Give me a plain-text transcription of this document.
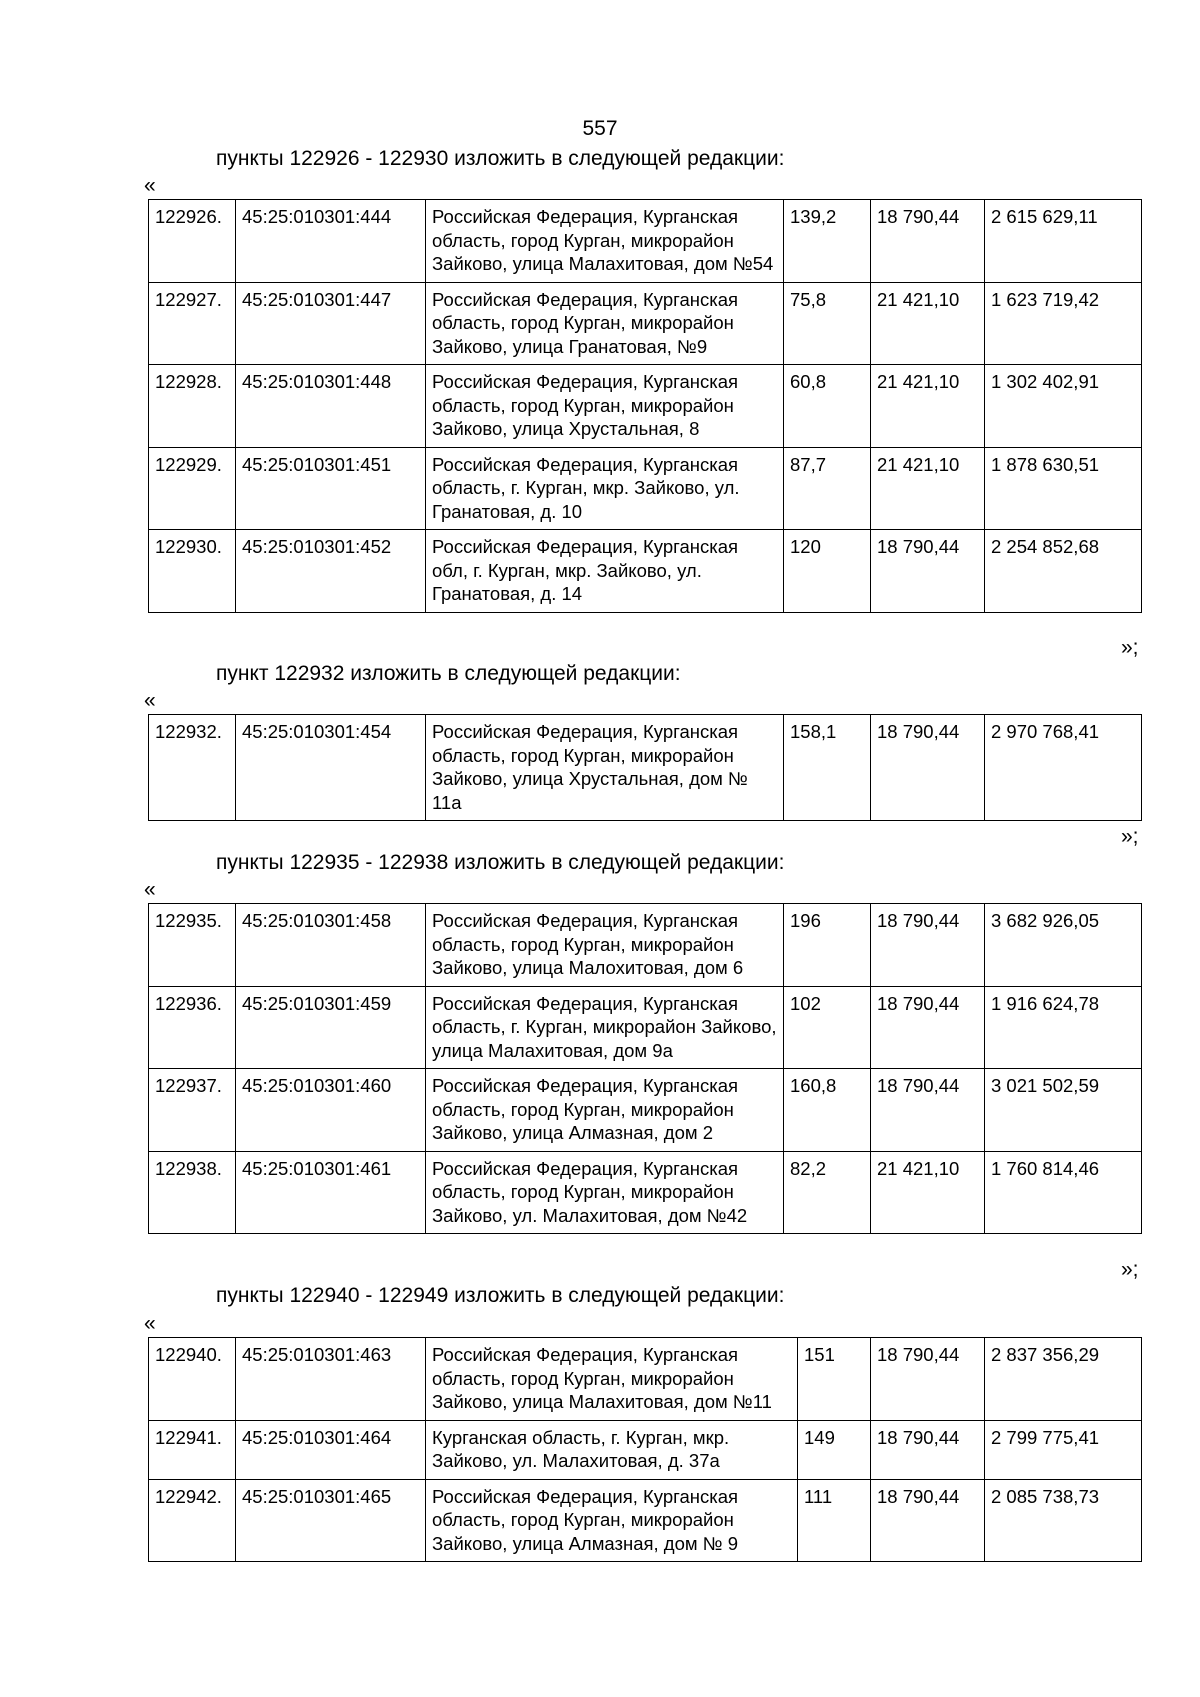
557
пункты 122926 - 122930 изложить в следующей редакции:
«
122926.	45:25:010301:444	Российская Федерация, Курганская область, город Курган, микрорайон Зайково, улица Малахитовая, дом №54	139,2	18 790,44	2 615 629,11
122927.	45:25:010301:447	Российская Федерация, Курганская область, город Курган, микрорайон Зайково, улица Гранатовая, №9	75,8	21 421,10	1 623 719,42
122928.	45:25:010301:448	Российская Федерация, Курганская область, город Курган, микрорайон Зайково, улица Хрустальная, 8	60,8	21 421,10	1 302 402,91
122929.	45:25:010301:451	Российская Федерация, Курганская область, г. Курган, мкр. Зайково, ул. Гранатовая, д. 10	87,7	21 421,10	1 878 630,51
122930.	45:25:010301:452	Российская Федерация, Курганская обл, г. Курган, мкр. Зайково, ул. Гранатовая, д. 14	120	18 790,44	2 254 852,68
»;
пункт 122932 изложить в следующей редакции:
«
122932.	45:25:010301:454	Российская Федерация, Курганская область, город Курган, микрорайон Зайково, улица Хрустальная, дом № 11а	158,1	18 790,44	2 970 768,41
»;
пункты 122935 - 122938 изложить в следующей редакции:
«
122935.	45:25:010301:458	Российская Федерация, Курганская область, город Курган, микрорайон Зайково, улица Малохитовая, дом 6	196	18 790,44	3 682 926,05
122936.	45:25:010301:459	Российская Федерация, Курганская область, г. Курган, микрорайон Зайково, улица Малахитовая, дом 9а	102	18 790,44	1 916 624,78
122937.	45:25:010301:460	Российская Федерация, Курганская область, город Курган, микрорайон Зайково, улица Алмазная, дом 2	160,8	18 790,44	3 021 502,59
122938.	45:25:010301:461	Российская Федерация, Курганская область, город Курган, микрорайон Зайково, ул. Малахитовая, дом №42	82,2	21 421,10	1 760 814,46
»;
пункты 122940 - 122949 изложить в следующей редакции:
«
122940.	45:25:010301:463	Российская Федерация, Курганская область, город Курган, микрорайон Зайково, улица Малахитовая, дом №11	151	18 790,44	2 837 356,29
122941.	45:25:010301:464	Курганская область, г. Курган, мкр. Зайково, ул. Малахитовая, д. 37а	149	18 790,44	2 799 775,41
122942.	45:25:010301:465	Российская Федерация, Курганская область, город Курган, микрорайон Зайково, улица Алмазная, дом № 9	111	18 790,44	2 085 738,73
